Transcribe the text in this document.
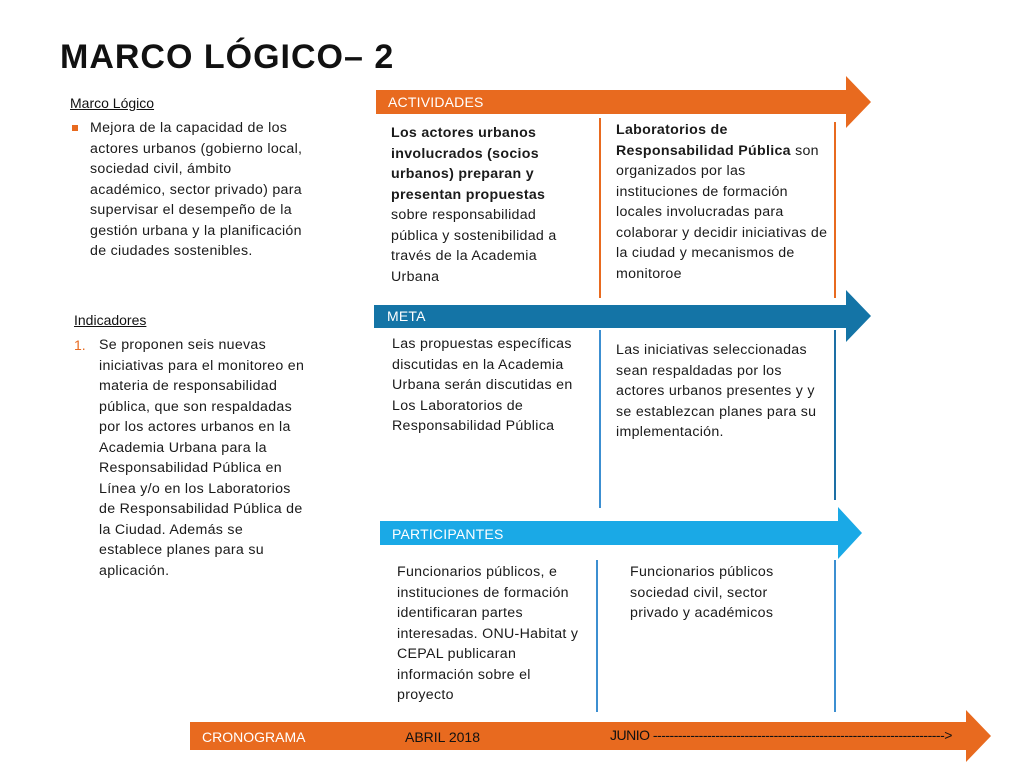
MARCO LÓGICO– 2
Marco Lógico
Mejora de la capacidad de los actores urbanos (gobierno local, sociedad civil, ámbito académico, sector privado) para supervisar el desempeño de la gestión urbana y la planificación de ciudades sostenibles.
Indicadores
1. Se proponen seis nuevas iniciativas para el monitoreo en materia de responsabilidad pública, que son respaldadas por los actores urbanos en la Academia Urbana para la Responsabilidad Pública en Línea y/o en los Laboratorios de Responsabilidad Pública de la Ciudad. Además se establece planes para su aplicación.
ACTIVIDADES
Los actores urbanos involucrados (socios urbanos) preparan y presentan propuestas sobre responsabilidad pública y sostenibilidad a través de la Academia Urbana
Laboratorios de Responsabilidad Pública son organizados por las instituciones de formación locales involucradas para colaborar y decidir iniciativas de la ciudad y mecanismos de monitoroe
META
Las propuestas específicas discutidas en la Academia Urbana serán discutidas en Los Laboratorios de Responsabilidad Pública
Las iniciativas seleccionadas sean respaldadas por los actores urbanos presentes y y se establezcan planes para su implementación.
PARTICIPANTES
Funcionarios públicos, e instituciones de formación identificaran partes interesadas. ONU-Habitat y CEPAL publicaran información sobre el proyecto
Funcionarios públicos sociedad civil, sector privado y académicos
CRONOGRAMA	ABRIL 2018	JUNIO ---------------------------------------------------------------------->
